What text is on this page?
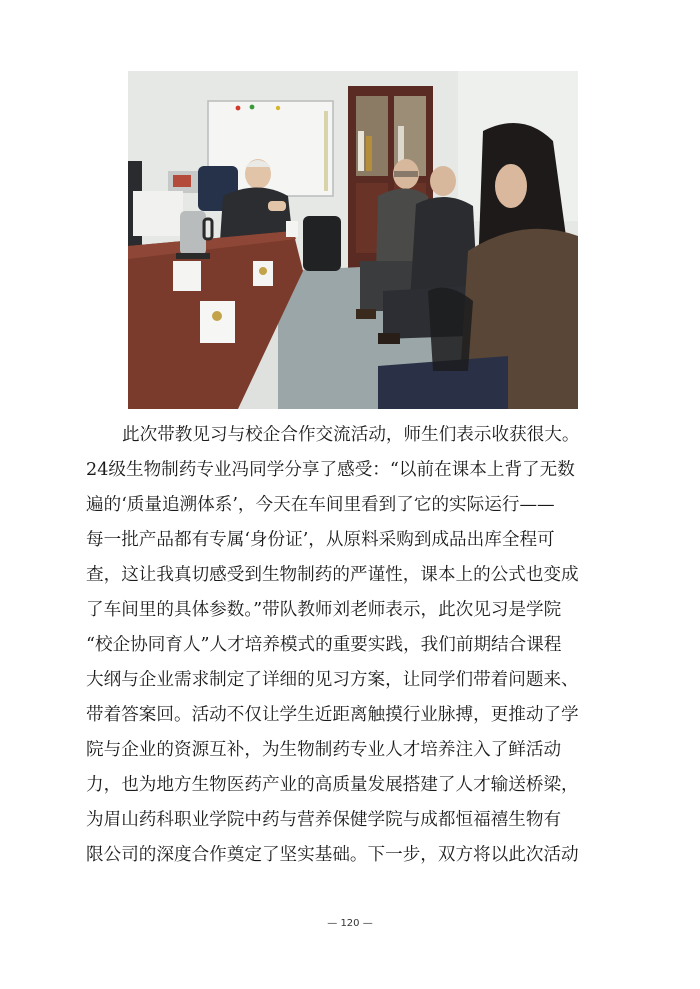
此次带教见习与校企合作交流活动，师生们表示收获很大。
24级生物制药专业冯同学分享了感受：“以前在课本上背了无数
遍的‘质量追溯体系’，今天在车间里看到了它的实际运行——
每一批产品都有专属‘身份证’，从原料采购到成品出库全程可
查，这让我真切感受到生物制药的严谨性，课本上的公式也变成
了车间里的具体参数。”带队教师刘老师表示，此次见习是学院
“校企协同育人”人才培养模式的重要实践，我们前期结合课程
大纲与企业需求制定了详细的见习方案，让同学们带着问题来、
带着答案回。活动不仅让学生近距离触摸行业脉搏，更推动了学
院与企业的资源互补，为生物制药专业人才培养注入了鲜活动
力，也为地方生物医药产业的高质量发展搭建了人才输送桥梁，
为眉山药科职业学院中药与营养保健学院与成都恒福禧生物有
限公司的深度合作奠定了坚实基础。下一步，双方将以此次活动
— 120 —
